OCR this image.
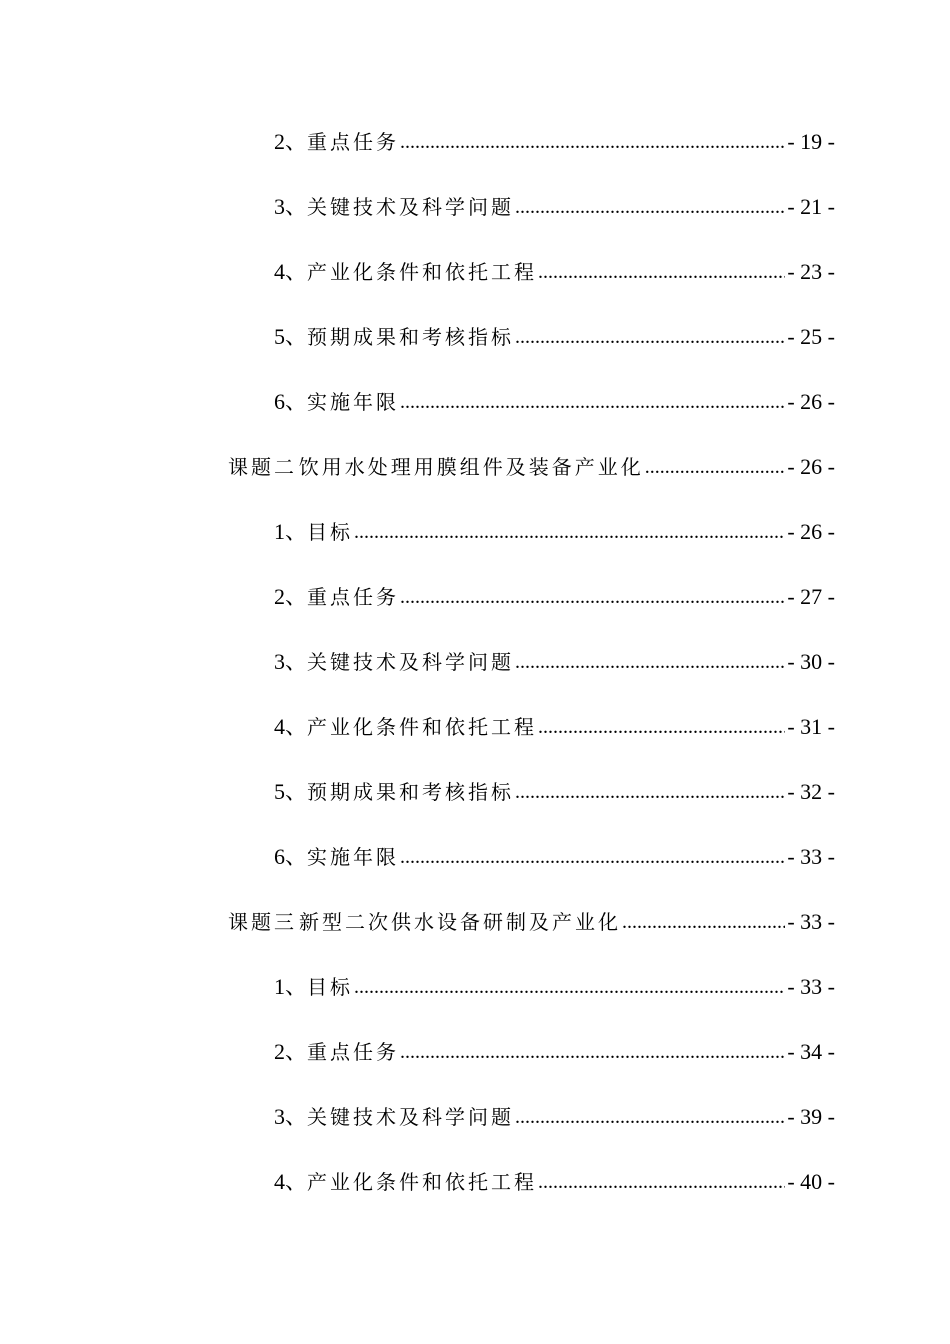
2、 重点任务 .....	- 19 -
3、 关键技术及科学问题 .....	- 21 -
4、 产业化条件和依托工程 .....	- 23 -
5、 预期成果和考核指标 .....	- 25 -
6、 实施年限 .....	- 26 -
课题二 饮用水处理用膜组件及装备产业化 .....	- 26 -
1、 目标 .....	- 26 -
2、 重点任务 .....	- 27 -
3、 关键技术及科学问题 .....	- 30 -
4、 产业化条件和依托工程 .....	- 31 -
5、 预期成果和考核指标 .....	- 32 -
6、 实施年限 .....	- 33 -
课题三 新型二次供水设备研制及产业化 .....	- 33 -
1、 目标 .....	- 33 -
2、 重点任务 .....	- 34 -
3、 关键技术及科学问题 .....	- 39 -
4、 产业化条件和依托工程 .....	- 40 -
